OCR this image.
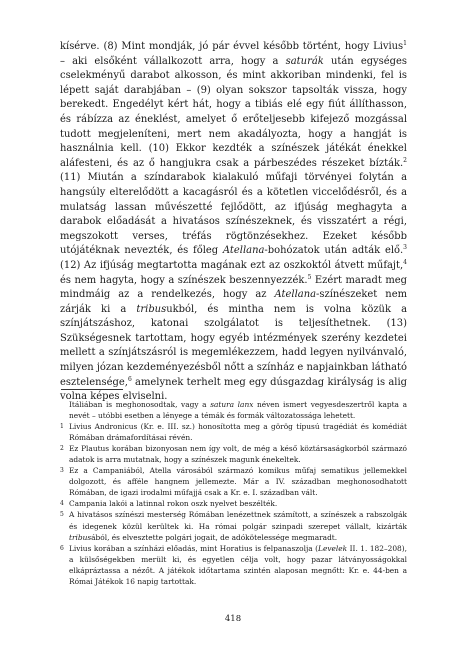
kísérve. (8) Mint mondják, jó pár évvel később történt, hogy Livius$^1$ – aki elsőként vállalkozott arra, hogy a saturák után egységes cselekményű darabot alkosson, és mint akkoriban mindenki, fel is lépett saját darabjában – (9) olyan sokszor tapsolták vissza, hogy berekedt. Engedélyt kért hát, hogy a tibiás elé egy fiút állíthasson, és rábízza az éneklést, amelyet ő erőteljesebb kifejező mozgással tudott megjeleníteni, mert nem akadályozta, hogy a hangját is használnia kell. (10) Ekkor kezdték a színészek játékát énekkel aláfesteni, és az ő hangjukra csak a párbeszédes részeket bízták.$^2$ (11) Miután a színdarabok kialakuló műfaji törvényei folytán a hangsúly elterelődött a kacagásról és a kötetlen viccelődésről, és a mulatság lassan művészetté fejlődött, az ifjúság meghagyta a darabok előadását a hivatásos színészeknek, és visszatért a régi, megszokott verses, tréfás rögtönzésekhez. Ezeket később utójátéknak nevezték, és főleg Atellana-bohózatok után adták elő.$^3$ (12) Az ifjúság megtartotta magának ezt az oszkoktól átvett műfajt,$^4$ és nem hagyta, hogy a színészek beszennyezzék.$^5$ Ezért maradt meg mindmáig az a rendelkezés, hogy az Atellana-színészeket nem zárják ki a tribusukból, és mintha nem is volna közük a színjátszáshoz, katonai szolgálatot is teljesíthetnek. (13) Szükségesnek tartottam, hogy egyéb intézmények szerény kezdetei mellett a színjátszásról is megemlékezzem, hadd legyen nyilvánvaló, milyen józan kezdeményezésből nőtt a színház e napjainkban látható esztelensége,$^6$ amelynek terhelt meg egy dúsgazdag királyság is alig volna képes elviselni.

Itáliában is meghonosodtak, vagy a satura lanx néven ismert vegyesdeszertről kapta a nevét – utóbbi esetben a lényege a témák és formák változatossága lehetett.

1 Livius Andronicus (Kr. e. III. sz.) honosította meg a görög típusú tragédiát és komédiát Rómában drámafordításai révén.

2 Ez Plautus korában bizonyosan nem így volt, de még a késő köztársaságkorból származó adatok is arra mutatnak, hogy a színészek magunk énekeltek.

3 Ez a Campaniából, Atella városából származó komikus műfaj sematikus jellemekkel dolgozott, és afféle hangnem jellemezte. Már a IV. században meghonosodhatott Rómában, de igazi irodalmi műfajjá csak a Kr. e. I. században vált.

4 Campania lakói a latinnal rokon oszk nyelvet beszélték.

5 A hivatásos színészi mesterség Rómában lenézettnek számított, a színészek a rabszolgák és idegenek közül kerültek ki. Ha római polgár szinpadi szerepet vállalt, kizárták tribusából, és elvesztette polgári jogait, de adókötelessége megmaradt.

6 Livius korában a színházi előadás, mint Horatius is felpanaszolja (Levelek II. 1. 182–208), a külsőségekben merült ki, és egyetlen célja volt, hogy pazar látványosságokkal elkápráztassa a nézőt. A játékok időtartama szintén alaposan megnőtt: Kr. e. 44-ben a Római Játékok 16 napig tartottak.

418
